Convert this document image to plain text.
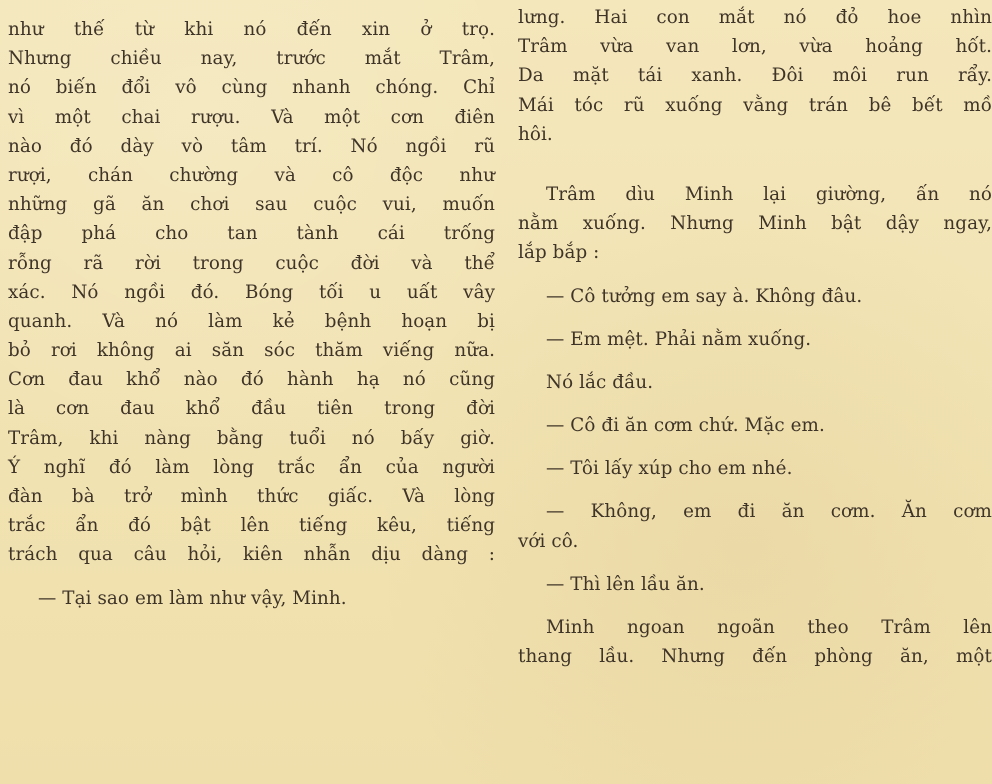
như thế từ khi nó đến xin ở trọ.
Nhưng chiều nay, trước mắt Trâm,
nó biến đổi vô cùng nhanh chóng. Chỉ
vì một chai rượu. Và một cơn điên
nào đó dày vò tâm trí. Nó ngồi rũ
rượi, chán chường và cô độc như
những gã ăn chơi sau cuộc vui, muốn
đập phá cho tan tành cái trống
rỗng rã rời trong cuộc đời và thể
xác. Nó ngồi đó. Bóng tối u uất vây
quanh. Và nó làm kẻ bệnh hoạn bị
bỏ rơi không ai săn sóc thăm viếng nữa.
Cơn đau khổ nào đó hành hạ nó cũng
là cơn đau khổ đầu tiên trong đời
Trâm, khi nàng bằng tuổi nó bấy giờ.
Ý nghĩ đó làm lòng trắc ẩn của người
đàn bà trở mình thức giấc. Và lòng
trắc ẩn đó bật lên tiếng kêu, tiếng
trách qua câu hỏi, kiên nhẫn dịu dàng :
— Tại sao em làm như vậy, Minh.
lưng. Hai con mắt nó đỏ hoe nhìn
Trâm vừa van lơn, vừa hoảng hốt.
Da mặt tái xanh. Đôi môi run rẩy.
Mái tóc rũ xuống vằng trán bê bết mồ
hôi.
Trâm dìu Minh lại giường, ấn nó
nằm xuống. Nhưng Minh bật dậy ngay,
lắp bắp :
— Cô tưởng em say à. Không đâu.
— Em mệt. Phải nằm xuống.
Nó lắc đầu.
— Cô đi ăn cơm chứ. Mặc em.
— Tôi lấy xúp cho em nhé.
— Không, em đi ăn cơm. Ăn cơm
với cô.
— Thì lên lầu ăn.
Minh ngoan ngoãn theo Trâm lên
thang lầu. Nhưng đến phòng ăn, một
